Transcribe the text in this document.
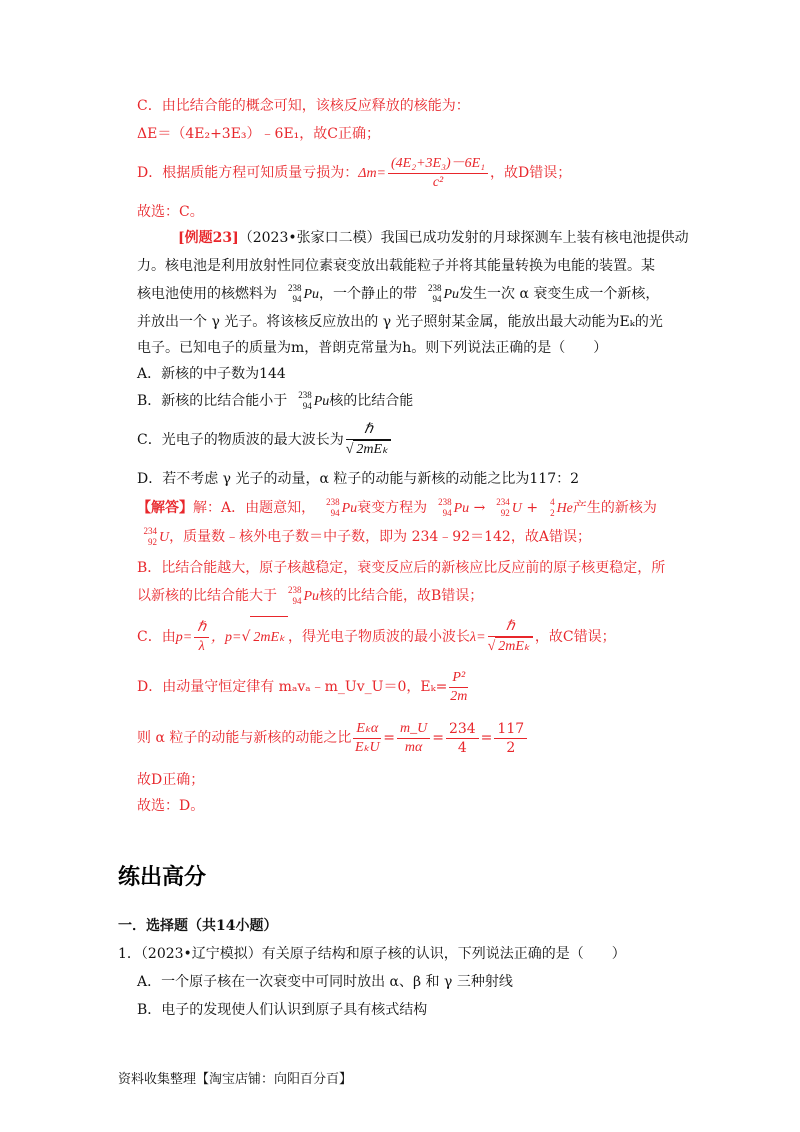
C．由比结合能的概念可知，该核反应释放的核能为：
ΔE＝（4E₂+3E₃）﹣6E₁，故C正确；
D．根据质能方程可知质量亏损为：$\Delta m= \frac{\text{(4E₂+3E₃)－6E₁}}{\text{c²}}$ ，故D错误；
故选：C。
[例题23]（2023•张家口二模）我国已成功发射的月球探测车上装有核电池提供动
力。核电池是利用放射性同位素衰变放出载能粒子并将其能量转换为电能的装置。某
核电池使用的核燃料为 238
94 Pu，一个静止的带 238
94 Pu发生一次 α 衰变生成一个新核，
并放出一个 γ 光子。将该核反应放出的 γ 光子照射某金属，能放出最大动能为Eₖ的光
电子。已知电子的质量为m，普朗克常量为h。则下列说法正确的是（　　）
A．新核的中子数为144
B．新核的比结合能小于 238
94 Pu核的比结合能
C．光电子的物质波的最大波长为 $\frac{\text{ℏ}}{\text{√ 2mEₖ}}$
D．若不考虑 γ 光子的动量，α 粒子的动能与新核的动能之比为117：2
【解答】解：A．由题意知， 238
94 Pu衰变方程为 238
94 Pu → 234
92 U + 4
2 He产生的新核为
234
92 U，质量数﹣核外电子数＝中子数，即为 234﹣92＝142，故A错误；
B．比结合能越大，原子核越稳定，衰变反应后的新核应比反应前的原子核更稳定，所
以新核的比结合能大于 238
94 Pu核的比结合能，故B错误；
C．由$p= \frac{\text{ℏ}}{\lambda}$ ，p=√ 2mEₖ ，得光电子物质波的最小波长$\lambda= \frac{\text{ℏ}}{\text{√ 2mEₖ}}$ ，故C错误；
D．由动量守恒定律有 mₐvₐ﹣m_Uv_U＝0，$E_k= \frac{\text{P²}}{2m}$
则 α 粒子的动能与新核的动能之比 $\frac{\text{Eₖα}}{\text{EₖU}} = \frac{m\_U}{m\alpha} = \frac{234}{4} = \frac{117}{2}$
故D正确；
故选：D。
练出高分
一．选择题（共14小题）
1．（2023•辽宁模拟）有关原子结构和原子核的认识，下列说法正确的是（　　）
A．一个原子核在一次衰变中可同时放出 α、β 和 γ 三种射线
B．电子的发现使人们认识到原子具有核式结构
资料收集整理【淘宝店铺：向阳百分百】
